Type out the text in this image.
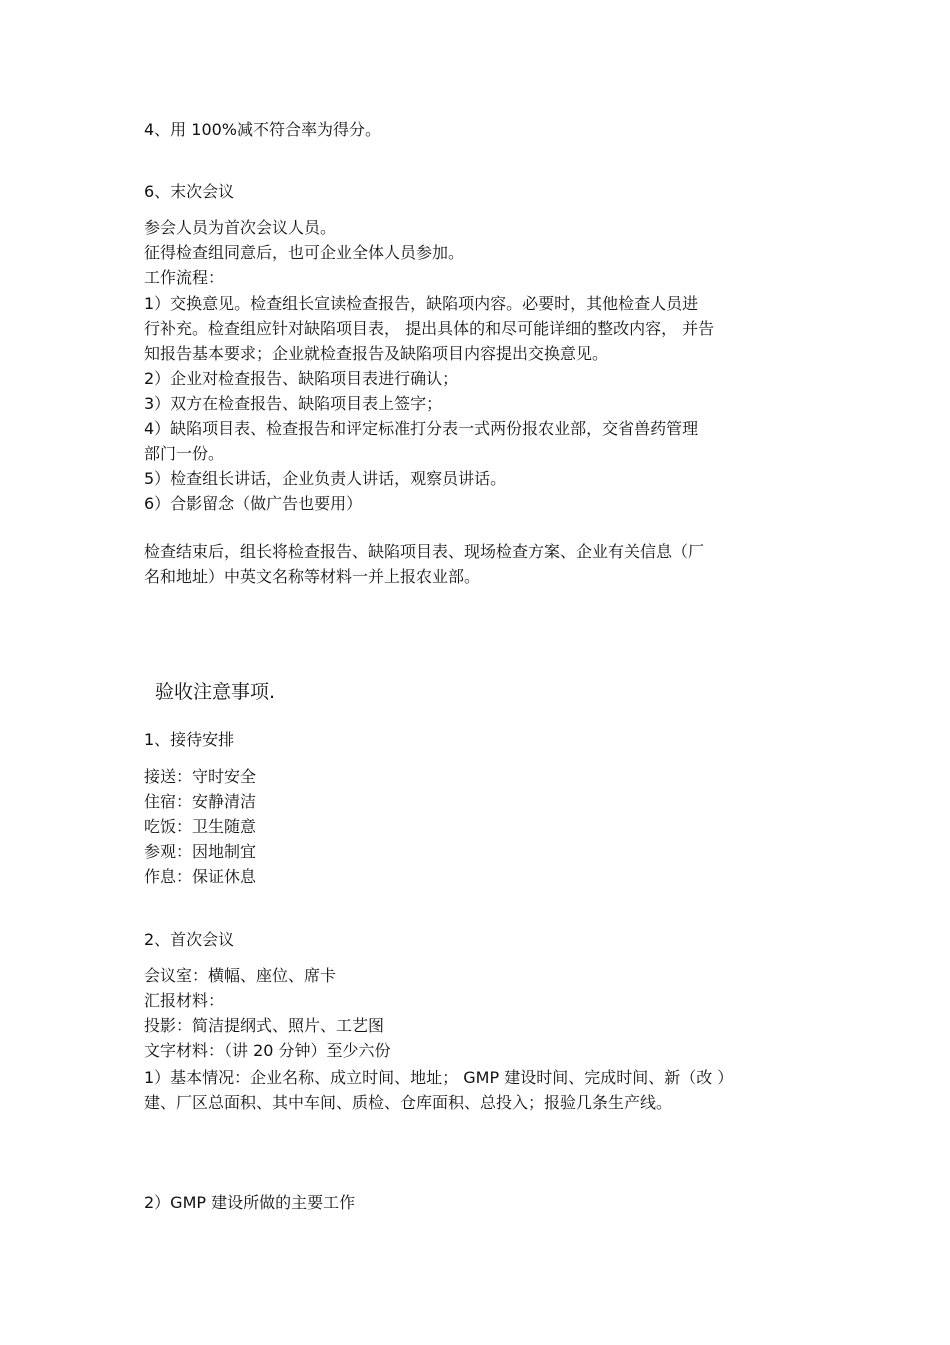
4、用 100%减不符合率为得分。
6、末次会议
参会人员为首次会议人员。
征得检查组同意后，也可企业全体人员参加。
工作流程：
1）交换意见。检查组长宣读检查报告，缺陷项内容。必要时，其他检查人员进
行补充。检查组应针对缺陷项目表， 提出具体的和尽可能详细的整改内容， 并告
知报告基本要求；企业就检查报告及缺陷项目内容提出交换意见。
2）企业对检查报告、缺陷项目表进行确认；
3）双方在检查报告、缺陷项目表上签字；
4）缺陷项目表、检查报告和评定标准打分表一式两份报农业部，交省兽药管理
部门一份。
5）检查组长讲话，企业负责人讲话，观察员讲话。
6）合影留念（做广告也要用）
检查结束后，组长将检查报告、缺陷项目表、现场检查方案、企业有关信息（厂
名和地址）中英文名称等材料一并上报农业部。
验收注意事项.
1、接待安排
接送：守时安全
住宿：安静清洁
吃饭：卫生随意
参观：因地制宜
作息：保证休息
2、首次会议
会议室：横幅、座位、席卡
汇报材料：
投影：简洁提纲式、照片、工艺图
文字材料：（讲 20 分钟）至少六份
1）基本情况：企业名称、成立时间、地址； GMP 建设时间、完成时间、新（改 ）
建、厂区总面积、其中车间、质检、仓库面积、总投入；报验几条生产线。
2）GMP 建设所做的主要工作
